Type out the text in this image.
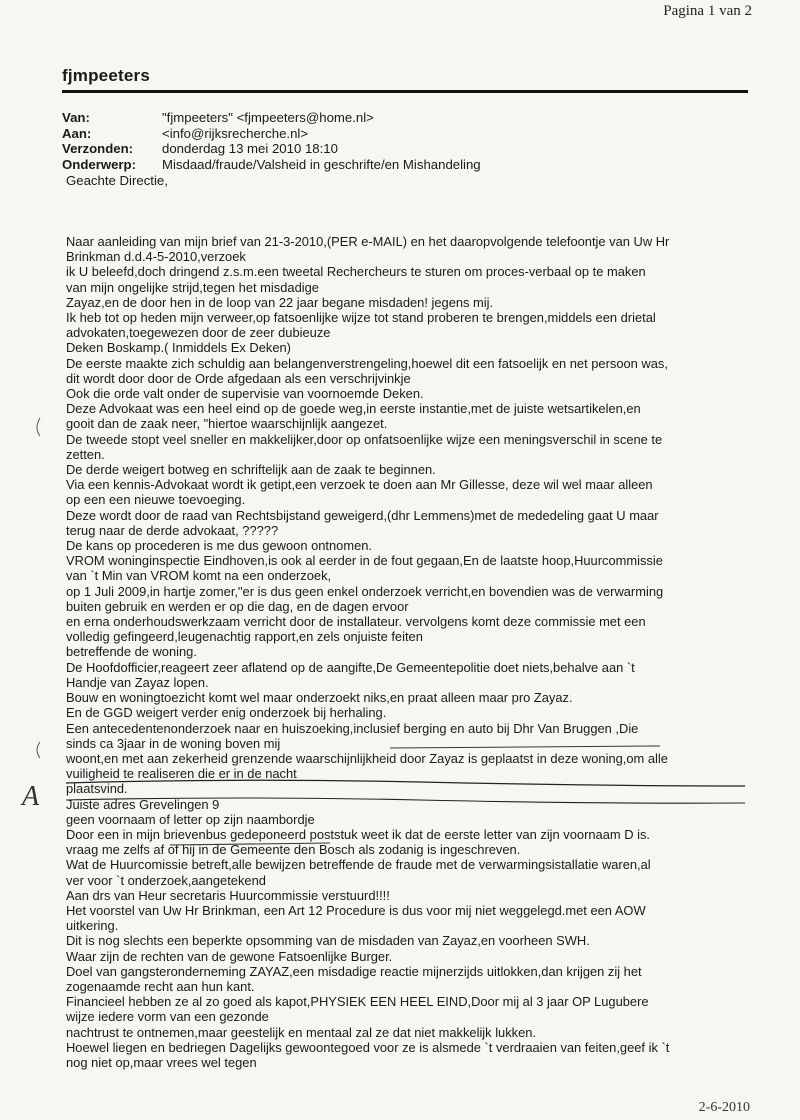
Pagina 1 van 2
fjmpeeters
Van:	"fjmpeeters" <fjmpeeters@home.nl>
Aan:	<info@rijksrecherche.nl>
Verzonden:	donderdag 13 mei 2010 18:10
Onderwerp:	Misdaad/fraude/Valsheid in geschrifte/en Mishandeling
Geachte Directie,
Naar aanleiding van mijn brief van 21-3-2010,(PER e-MAIL) en het daaropvolgende telefoontje van Uw Hr
Brinkman d.d.4-5-2010,verzoek
ik U beleefd,doch dringend z.s.m.een tweetal Rechercheurs te sturen om proces-verbaal op te maken
van mijn ongelijke strijd,tegen het misdadige
Zayaz,en de door hen in de loop van 22 jaar begane misdaden! jegens mij.
Ik heb tot op heden mijn verweer,op fatsoenlijke wijze tot stand proberen te brengen,middels een drietal
advokaten,toegewezen door de zeer dubieuze
Deken Boskamp.( Inmiddels Ex Deken)
De eerste maakte zich schuldig aan belangenverstrengeling,hoewel dit een fatsoelijk en net persoon was,
dit wordt door door de Orde afgedaan als een verschrijvinkje
Ook die orde valt onder de supervisie van voornoemde Deken.
Deze Advokaat was een heel eind op de goede weg,in eerste instantie,met de juiste wetsartikelen,en
gooit dan de zaak neer, "hiertoe waarschijnlijk aangezet.
De tweede stopt veel sneller en makkelijker,door op onfatsoenlijke wijze een meningsverschil in scene te
zetten.
De derde weigert botweg en schriftelijk aan de zaak te beginnen.
Via een kennis-Advokaat wordt ik getipt,een verzoek te doen aan Mr Gillesse, deze wil wel maar alleen
op een een nieuwe toevoeging.
Deze wordt door de raad van Rechtsbijstand geweigerd,(dhr Lemmens)met de mededeling gaat U maar
terug naar de derde advokaat, ?????
De kans op procederen is me dus gewoon ontnomen.
VROM woninginspectie Eindhoven,is ook al eerder in de fout gegaan,En de laatste hoop,Huurcommissie
van `t Min van VROM komt na een onderzoek,
op 1 Juli 2009,in hartje zomer,"er is dus geen enkel onderzoek verricht,en bovendien was de verwarming
buiten gebruik en werden er op die dag, en de dagen ervoor
en erna onderhoudswerkzaam verricht door de installateur. vervolgens komt deze commissie met een
volledig gefingeerd,leugenachtig rapport,en zels onjuiste feiten
betreffende de woning.
De Hoofdofficier,reageert zeer aflatend op de aangifte,De Gemeentepolitie doet niets,behalve aan `t
Handje van Zayaz lopen.
Bouw en woningtoezicht komt wel maar onderzoekt niks,en praat alleen maar pro Zayaz.
En de GGD weigert verder enig onderzoek bij herhaling.
Een antecedentenonderzoek naar en huiszoeking,inclusief berging en auto bij Dhr Van Bruggen ,Die
sinds ca 3jaar in de woning boven mij
woont,en met aan zekerheid grenzende waarschijnlijkheid door Zayaz is geplaatst in deze woning,om alle
vuiligheid te realiseren die er in de nacht
plaatsvind.
Juiste adres Grevelingen 9
geen voornaam of letter op zijn naambordje
Door een in mijn brievenbus gedeponeerd poststuk weet ik dat de eerste letter van zijn voornaam D is.
vraag me zelfs af of hij in de Gemeente den Bosch als zodanig is ingeschreven.
Wat de Huurcomissie betreft,alle bewijzen betreffende de fraude met de verwarmingsistallatie waren,al
ver voor `t onderzoek,aangetekend
Aan drs van Heur secretaris Huurcommissie verstuurd!!!!
Het voorstel van Uw Hr Brinkman, een Art 12 Procedure is dus voor mij niet weggelegd.met een AOW
uitkering.
Dit is nog slechts een beperkte opsomming van de misdaden van Zayaz,en voorheen SWH.
Waar zijn de rechten van de gewone Fatsoenlijke Burger.
Doel van gangsteronderneming ZAYAZ,een misdadige reactie mijnerzijds uitlokken,dan krijgen zij het
zogenaamde recht aan hun kant.
Financieel hebben ze al zo goed als kapot,PHYSIEK EEN HEEL EIND,Door mij al 3 jaar OP Lugubere
wijze iedere vorm van een gezonde
nachtrust te ontnemen,maar geestelijk en mentaal zal ze dat niet makkelijk lukken.
Hoewel liegen en bedriegen Dagelijks gewoontegoed voor ze is alsmede `t verdraaien van feiten,geef ik `t
nog niet op,maar vrees wel tegen
A
2-6-2010
